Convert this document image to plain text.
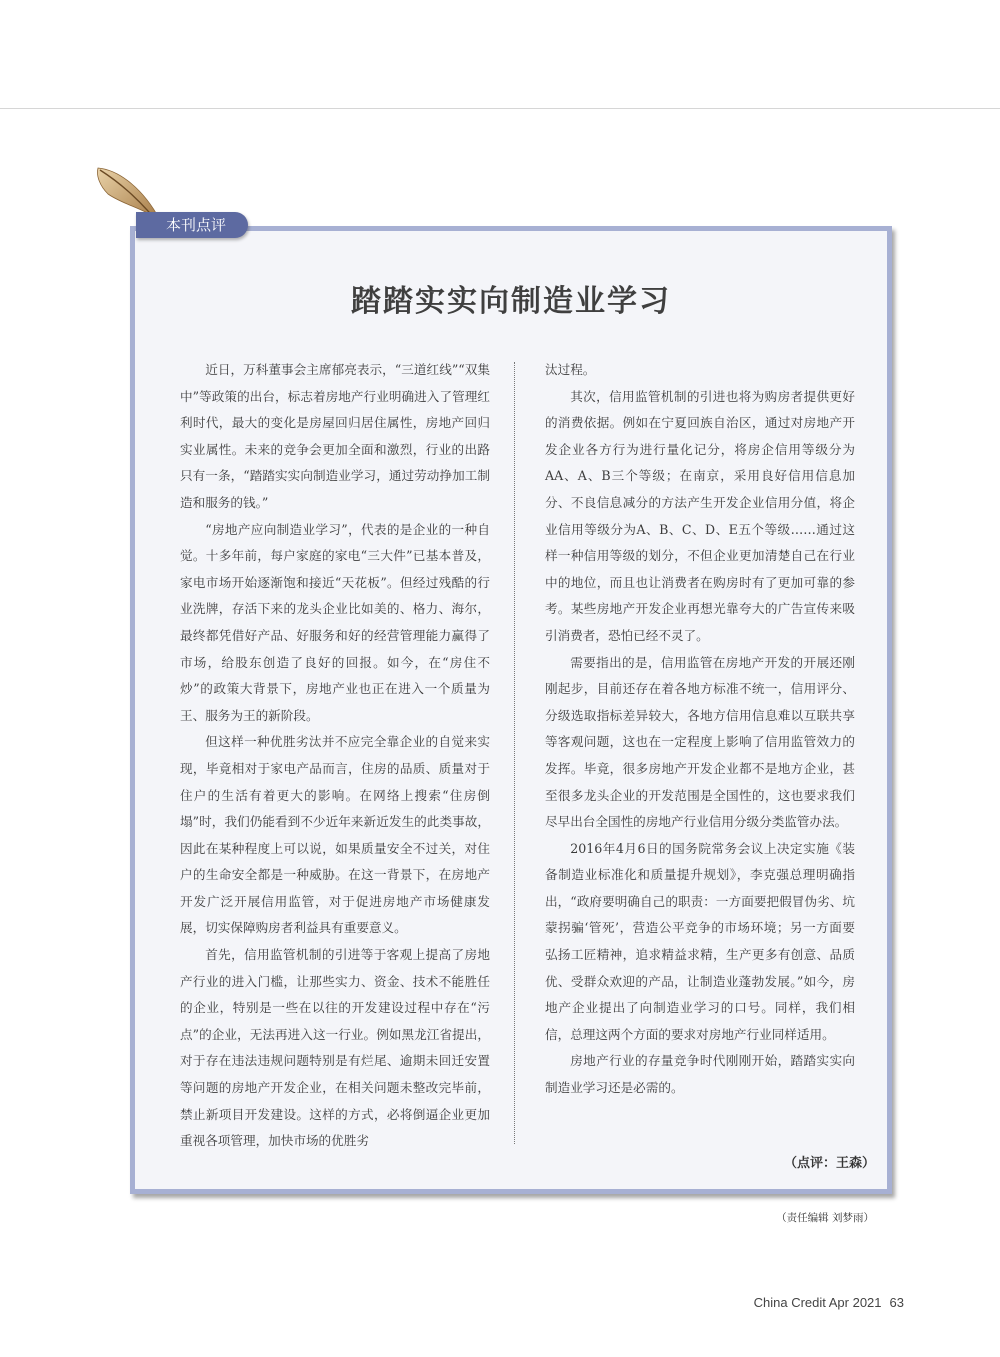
本刊点评
踏踏实实向制造业学习

近日，万科董事会主席郁亮表示，“三道红线”“双集中”等政策的出台，标志着房地产行业明确进入了管理红利时代，最大的变化是房屋回归居住属性，房地产回归实业属性。未来的竞争会更加全面和激烈，行业的出路只有一条，“踏踏实实向制造业学习，通过劳动挣加工制造和服务的钱。”

“房地产应向制造业学习”，代表的是企业的一种自觉。十多年前，每户家庭的家电“三大件”已基本普及，家电市场开始逐渐饱和接近“天花板”。但经过残酷的行业洗牌，存活下来的龙头企业比如美的、格力、海尔，最终都凭借好产品、好服务和好的经营管理能力赢得了市场，给股东创造了良好的回报。如今，在“房住不炒”的政策大背景下，房地产业也正在进入一个质量为王、服务为王的新阶段。

但这样一种优胜劣汰并不应完全靠企业的自觉来实现，毕竟相对于家电产品而言，住房的品质、质量对于住户的生活有着更大的影响。在网络上搜索“住房倒塌”时，我们仍能看到不少近年来新近发生的此类事故，因此在某种程度上可以说，如果质量安全不过关，对住户的生命安全都是一种威胁。在这一背景下，在房地产开发广泛开展信用监管，对于促进房地产市场健康发展，切实保障购房者利益具有重要意义。

首先，信用监管机制的引进等于客观上提高了房地产行业的进入门槛，让那些实力、资金、技术不能胜任的企业，特别是一些在以往的开发建设过程中存在“污点”的企业，无法再进入这一行业。例如黑龙江省提出，对于存在违法违规问题特别是有烂尾、逾期未回迁安置等问题的房地产开发企业，在相关问题未整改完毕前，禁止新项目开发建设。这样的方式，必将倒逼企业更加重视各项管理，加快市场的优胜劣

汰过程。

其次，信用监管机制的引进也将为购房者提供更好的消费依据。例如在宁夏回族自治区，通过对房地产开发企业各方行为进行量化记分，将房企信用等级分为AA、A、B三个等级；在南京，采用良好信用信息加分、不良信息减分的方法产生开发企业信用分值，将企业信用等级分为A、B、C、D、E五个等级……通过这样一种信用等级的划分，不但企业更加清楚自己在行业中的地位，而且也让消费者在购房时有了更加可靠的参考。某些房地产开发企业再想光靠夸大的广告宣传来吸引消费者，恐怕已经不灵了。

需要指出的是，信用监管在房地产开发的开展还刚刚起步，目前还存在着各地方标准不统一，信用评分、分级选取指标差异较大，各地方信用信息难以互联共享等客观问题，这也在一定程度上影响了信用监管效力的发挥。毕竟，很多房地产开发企业都不是地方企业，甚至很多龙头企业的开发范围是全国性的，这也要求我们尽早出台全国性的房地产行业信用分级分类监管办法。

2016年4月6日的国务院常务会议上决定实施《装备制造业标准化和质量提升规划》，李克强总理明确指出，“政府要明确自己的职责：一方面要把假冒伪劣、坑蒙拐骗‘管死’，营造公平竞争的市场环境；另一方面要弘扬工匠精神，追求精益求精，生产更多有创意、品质优、受群众欢迎的产品，让制造业蓬勃发展。”如今，房地产企业提出了向制造业学习的口号。同样，我们相信，总理这两个方面的要求对房地产行业同样适用。

房地产行业的存量竞争时代刚刚开始，踏踏实实向制造业学习还是必需的。

（点评：王森）
（责任编辑 刘梦雨）
China Credit Apr 2021 63
